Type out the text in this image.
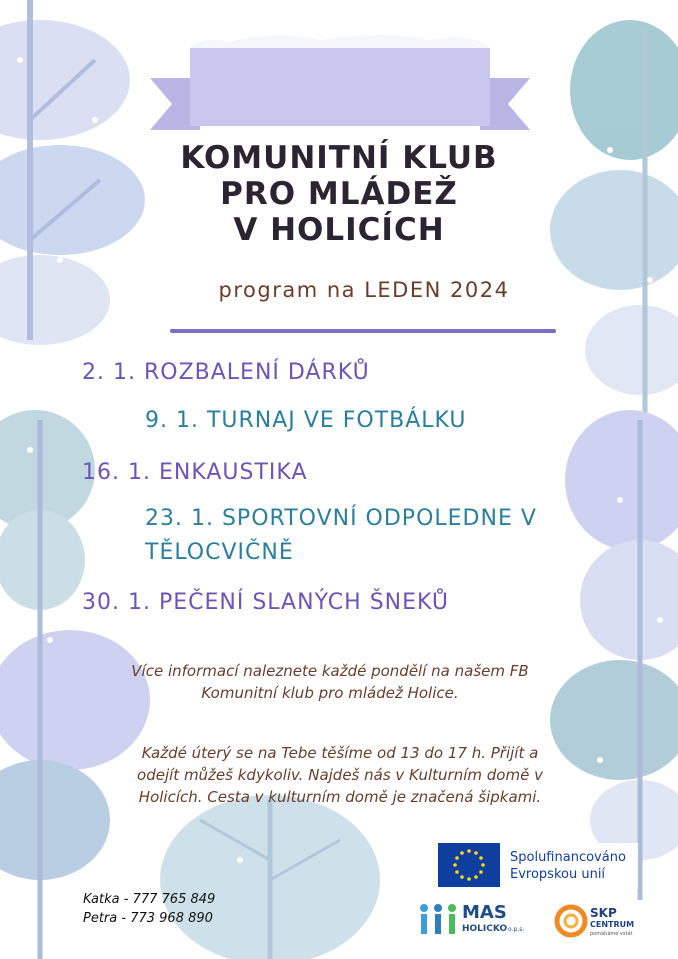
KOMUNITNÍ KLUB
PRO MLÁDEŽ
V HOLICÍCH
program na LEDEN 2024
2. 1. ROZBALENÍ DÁRKŮ
9. 1. TURNAJ VE FOTBÁLKU
16. 1. ENKAUSTIKA
23. 1. SPORTOVNÍ ODPOLEDNE V
TĚLOCVIČNĚ
30. 1. PEČENÍ SLANÝCH ŠNEKŮ
Více informací naleznete každé pondělí na našem FB
Komunitní klub pro mládež Holice.
Každé úterý se na Tebe těšíme od 13 do 17 h. Přijít a
odejít můžeš kdykoliv. Najdeš nás v Kulturním domě v
Holicích. Cesta v kulturním domě je značená šipkami.
Katka - 777 765 849
Petra - 773 968 890
Spolufinancováno
Evropskou unií
MAS
HOLICKO o.p.s.
SKP
CENTRUM
pomáháme vstát
